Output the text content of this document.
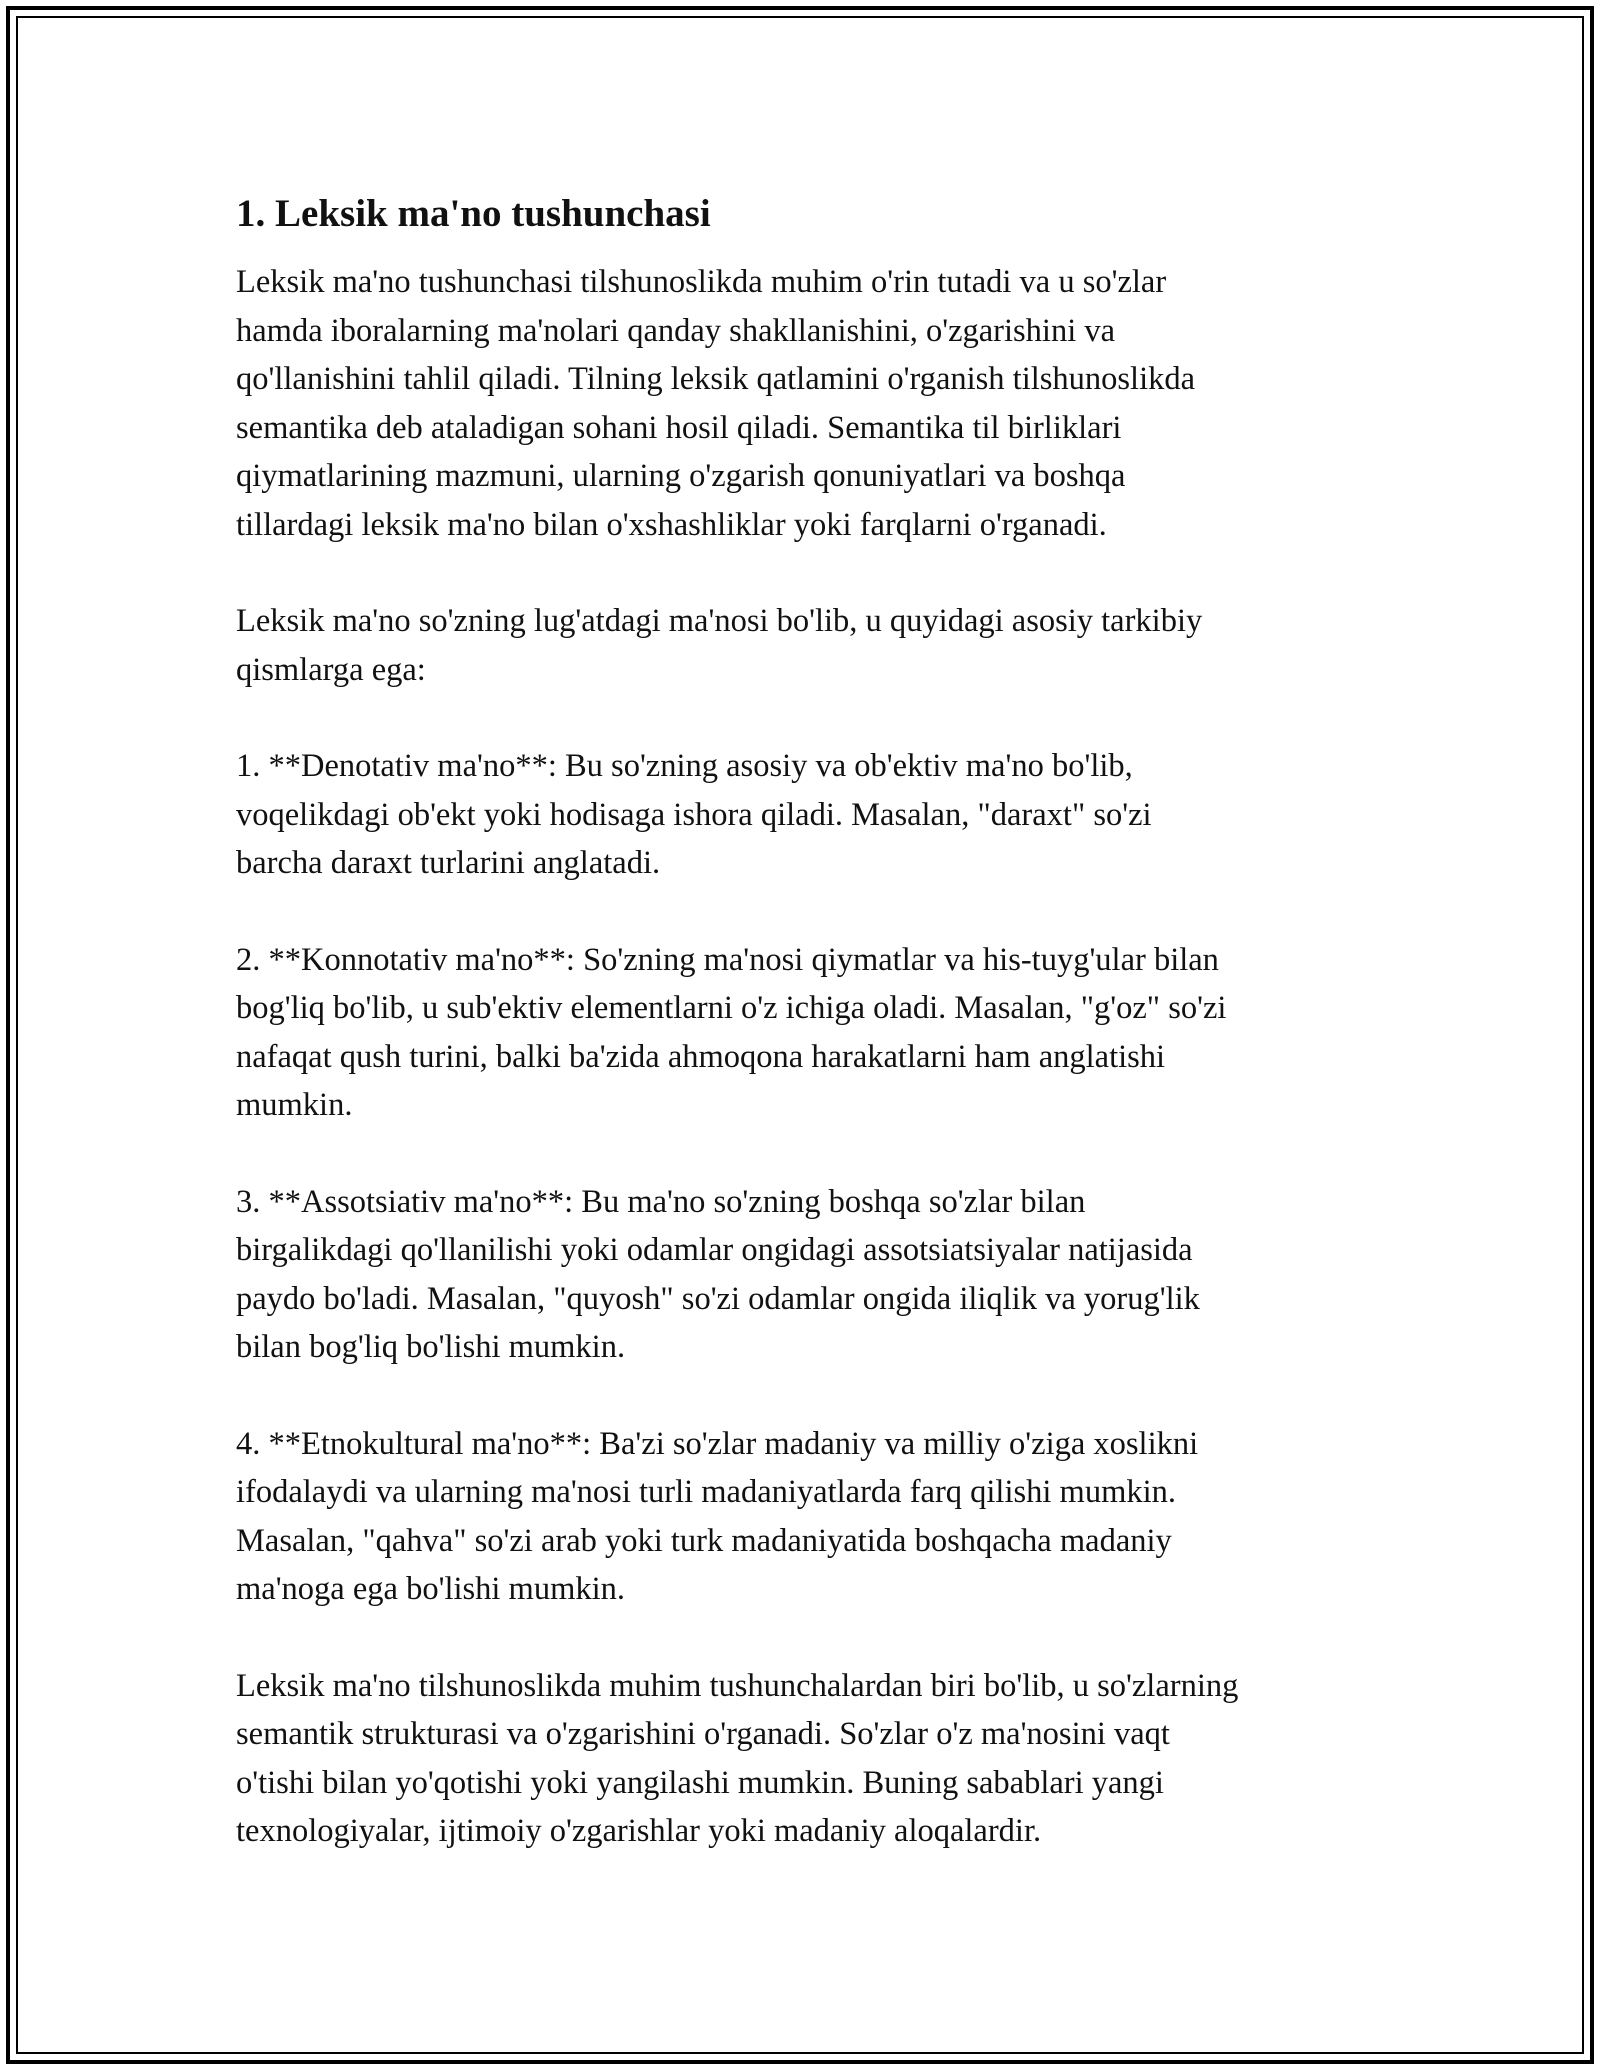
1. Leksik ma'no tushunchasi

Leksik ma'no tushunchasi tilshunoslikda muhim o'rin tutadi va u so'zlar
hamda iboralarning ma'nolari qanday shakllanishini, o'zgarishini va
qo'llanishini tahlil qiladi. Tilning leksik qatlamini o'rganish tilshunoslikda
semantika deb ataladigan sohani hosil qiladi. Semantika til birliklari
qiymatlarining mazmuni, ularning o'zgarish qonuniyatlari va boshqa
tillardagi leksik ma'no bilan o'xshashliklar yoki farqlarni o'rganadi.

Leksik ma'no so'zning lug'atdagi ma'nosi bo'lib, u quyidagi asosiy tarkibiy
qismlarga ega:

1. **Denotativ ma'no**: Bu so'zning asosiy va ob'ektiv ma'no bo'lib,
voqelikdagi ob'ekt yoki hodisaga ishora qiladi. Masalan, "daraxt" so'zi
barcha daraxt turlarini anglatadi.

2. **Konnotativ ma'no**: So'zning ma'nosi qiymatlar va his-tuyg'ular bilan
bog'liq bo'lib, u sub'ektiv elementlarni o'z ichiga oladi. Masalan, "g'oz" so'zi
nafaqat qush turini, balki ba'zida ahmoqona harakatlarni ham anglatishi
mumkin.

3. **Assotsiativ ma'no**: Bu ma'no so'zning boshqa so'zlar bilan
birgalikdagi qo'llanilishi yoki odamlar ongidagi assotsiatsiyalar natijasida
paydo bo'ladi. Masalan, "quyosh" so'zi odamlar ongida iliqlik va yorug'lik
bilan bog'liq bo'lishi mumkin.

4. **Etnokultural ma'no**: Ba'zi so'zlar madaniy va milliy o'ziga xoslikni
ifodalaydi va ularning ma'nosi turli madaniyatlarda farq qilishi mumkin.
Masalan, "qahva" so'zi arab yoki turk madaniyatida boshqacha madaniy
ma'noga ega bo'lishi mumkin.

Leksik ma'no tilshunoslikda muhim tushunchalardan biri bo'lib, u so'zlarning
semantik strukturasi va o'zgarishini o'rganadi. So'zlar o'z ma'nosini vaqt
o'tishi bilan yo'qotishi yoki yangilashi mumkin. Buning sabablari yangi
texnologiyalar, ijtimoiy o'zgarishlar yoki madaniy aloqalardir.
